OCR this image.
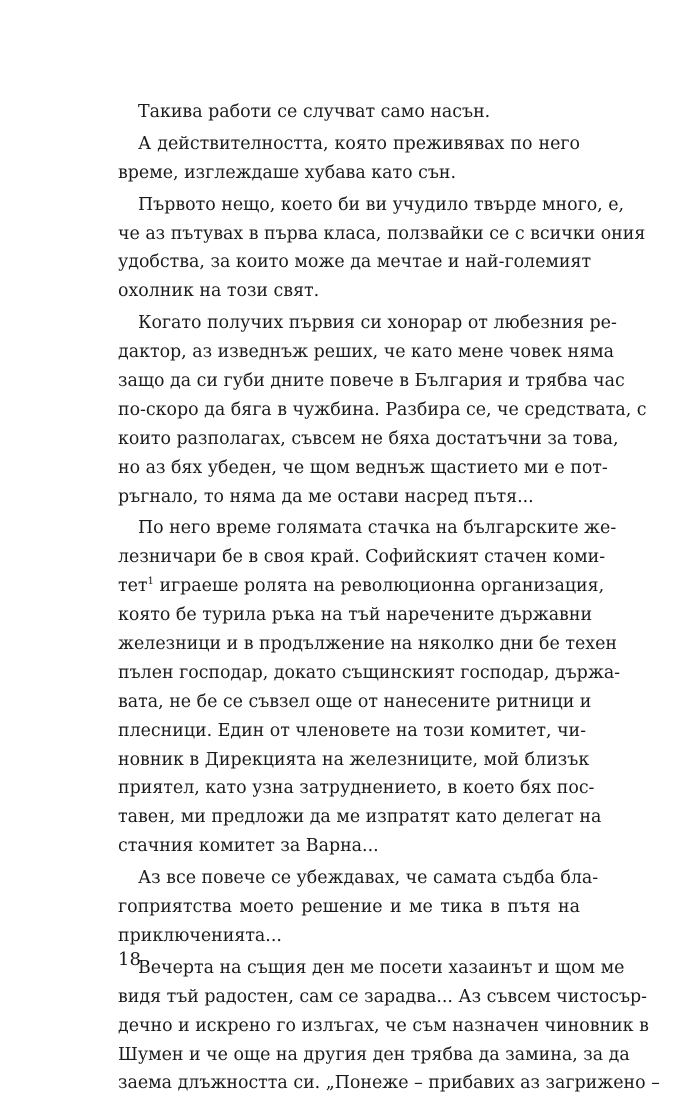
Такива работи се случват само насън.

А действителността, която преживявах по него
време, изглеждаше хубава като сън.

Първото нещо, което би ви учудило твърде много, е,
че аз пътувах в първа класа, ползвайки се с всички ония
удобства, за които може да мечтае и най-големият
охолник на този свят.

Когато получих първия си хонорар от любезния ре-
дактор, аз изведнъж реших, че като мене човек няма
защо да си губи дните повече в България и трябва час
по-скоро да бяга в чужбина. Разбира се, че средствата, с
които разполагах, съвсем не бяха достатъчни за това,
но аз бях убеден, че щом веднъж щастието ми е пот-
ръгнало, то няма да ме остави насред пътя...

По него време голямата стачка на българските же-
лезничари бе в своя край. Софийският стачен коми-
тет$^1$ играеше ролята на революционна организация,
която бе турила ръка на тъй наречените държавни
железници и в продължение на няколко дни бе техен
пълен господар, докато същинският господар, държа-
вата, не бе се съвзел още от нанесените ритници и
плесници. Един от членовете на този комитет, чи-
новник в Дирекцията на железниците, мой близък
приятел, като узна затруднението, в което бях пос-
тавен, ми предложи да ме изпратят като делегат на
стачния комитет за Варна...

Аз все повече се убеждавах, че самата съдба бла-
гоприятства моето решение и ме тика в пътя на
приключенията...

Вечерта на същия ден ме посети хазаинът и щом ме
видя тъй радостен, сам се зарадва... Аз съвсем чистосър-
дечно и искрено го излъгах, че съм назначен чиновник в
Шумен и че още на другия ден трябва да замина, за да
заема длъжността си. „Понеже – прибавих аз загрижено –

18
